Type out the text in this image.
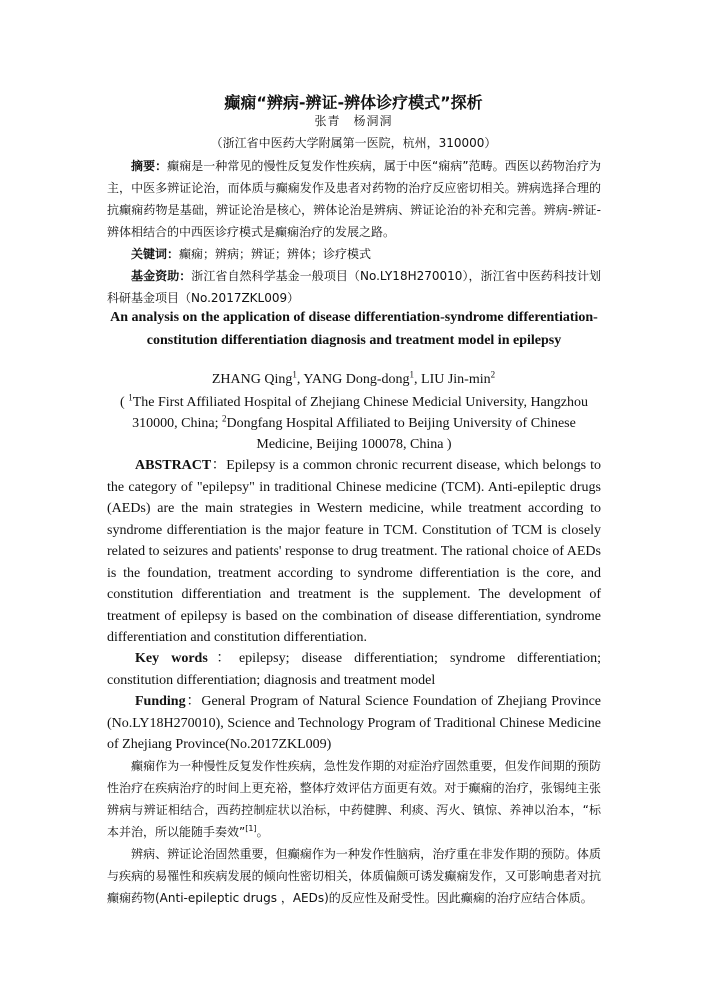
癫痫“辨病-辨证-辨体诊疗模式”探析
张青　杨洞洞
（浙江省中医药大学附属第一医院，杭州，310000）
摘要：癫痫是一种常见的慢性反复发作性疾病，属于中医“痫病”范畴。西医以药物治疗为主，中医多辨证论治，而体质与癫痫发作及患者对药物的治疗反应密切相关。辨病选择合理的抗癫痫药物是基础，辨证论治是核心，辨体论治是辨病、辨证论治的补充和完善。辨病-辨证-辨体相结合的中西医诊疗模式是癫痫治疗的发展之路。
关键词：癫痫；辨病；辨证；辨体；诊疗模式
基金资助：浙江省自然科学基金一般项目（No.LY18H270010），浙江省中医药科技计划科研基金项目（No.2017ZKL009）
An analysis on the application of disease differentiation-syndrome differentiation-constitution differentiation diagnosis and treatment model in epilepsy
ZHANG Qing$^1$, YANG Dong-dong$^1$, LIU Jin-$\min^2$
( $^1$The First Affiliated Hospital of Zhejiang Chinese Medicial University, Hangzhou 310000, China; $^2$Dongfang Hospital Affiliated to Beijing University of Chinese Medicine, Beijing 100078, China )
ABSTRACT：Epilepsy is a common chronic recurrent disease, which belongs to the category of "epilepsy" in traditional Chinese medicine (TCM). Anti-epileptic drugs (AEDs) are the main strategies in Western medicine, while treatment according to syndrome differentiation is the major feature in TCM. Constitution of TCM is closely related to seizures and patients' response to drug treatment. The rational choice of AEDs is the foundation, treatment according to syndrome differentiation is the core, and constitution differentiation and treatment is the supplement. The development of treatment of epilepsy is based on the combination of disease differentiation, syndrome differentiation and constitution differentiation.
Key words：epilepsy; disease differentiation; syndrome differentiation; constitution differentiation; diagnosis and treatment model
Funding：General Program of Natural Science Foundation of Zhejiang Province (No.LY18H270010), Science and Technology Program of Traditional Chinese Medicine of Zhejiang Province(No.2017ZKL009)
癫痫作为一种慢性反复发作性疾病，急性发作期的对症治疗固然重要，但发作间期的预防性治疗在疾病治疗的时间上更充裕，整体疗效评估方面更有效。对于癫痫的治疗，张锡纯主张辨病与辨证相结合，西药控制症状以治标，中药健脾、利痰、泻火、镇惊、养神以治本，“标本并治，所以能随手奏效”[1]。
辨病、辨证论治固然重要，但癫痫作为一种发作性脑病，治疗重在非发作期的预防。体质与疾病的易罹性和疾病发展的倾向性密切相关，体质偏颇可诱发癫痫发作，又可影响患者对抗癫痫药物(Anti-epileptic drugs ，AEDs)的反应性及耐受性。因此癫痫的治疗应结合体质。
